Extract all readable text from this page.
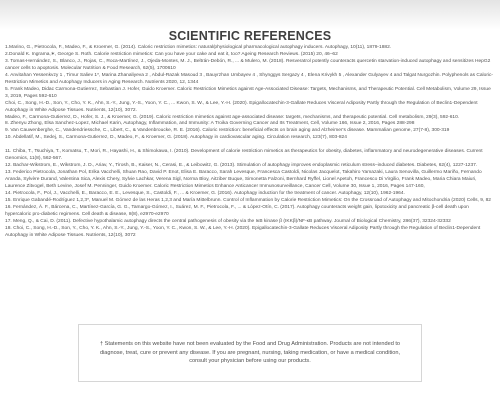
SCIENTIFIC REFERENCES

1.Marino, G., Pietrocola, F., Madeo, F., & Kroemer, G. (2014). Caloric restriction mimetics: natural/physiological pharmacological autophagy inducers. Autophagy, 10(11), 1879-1882.

2.Donald K. Ingrama,∗, George S. Roth. Calorie restriction mimetics: Can you have your cake and eat it, too? Ageing Research Reviews. (2015) 20, 46–62

3. Tomas-Hernández, S., Blanco, J., Rojas, C., Roca-Martínez, J., Ojeda-Montes, M. J., Beltrán-Debón, R., ... & Mulero, M. (2018). Resveratrol potently counteracts quercetin starvation-induced autophagy and sensitizes HepG2 cancer cells to apoptosis. Molecular Nutrition & Food Research, 62(5), 1700610

4. Anvitahan Yessenkvzy 1 , Timur Saliev 1*, Marina Zhanaliyeva 2 , Abdul-Razak Masoud 3 , Bauyrzhan Umbayev 4 , Shynggys Sergazy 4 , Elena Krivykh 5 , Alexander Gulyayev 4 and Talgat Nurgozhin. Polyphenols as Caloric-Restriction Mimetics and Autophagy Inducers in Aging Research. Nutrients 2020, 12, 1344

5. Frank Madeo, Didac Carmona-Gutierrez, Sebastian J. Hofer, Guido Kroemer. Caloric Restriction Mimetics against Age-Associated Disease: Targets, Mechanisms, and Therapeutic Potential. Cell Metabolism, Volume 29, Issue 3, 2019, Pages 592-610

Choi, C., Song, H.-D., Son, Y., Cho, Y. K., Ahn, S.-Y., Jung, Y.-S., Yoon, Y. C., ... Kwon, S. W., & Lee, Y.-H. (2020). Epigallocatechin-3-Gallate Reduces Visceral Adiposity Partly through the Regulation of Beclin1-Dependent Autophagy in White Adipose Tissues. Nutrients, 12(10), 3072.

Madeo, F., Carmona-Gutierrez, D., Hofer, S. J., & Kroemer, G. (2019). Caloric restriction mimetics against age-associated disease: targets, mechanisms, and therapeutic potential. Cell metabolism, 29(3), 592-610.

8. Zhenyu Zhong, Elsa Sanchez-Lopez, Michael Karin, Autophagy, Inflammation, and Immunity: A Troika Governing Cancer and Its Treatment, Cell, Volume 166, Issue 2, 2016, Pages 288-298

9. Van Cauwenberghe, C., Vandendriessche, C., Libert, C., & Vandenbroucke, R. E. (2016). Caloric restriction: beneficial effects on brain aging and Alzheimer's disease. Mammalian genome, 27(7-8), 300-319

10. Abdellatif, M., Sedej, S., Carmona-Gutierrez, D., Madeo, F., & Kroemer, G. (2018). Autophagy in cardiovascular aging. Circulation research, 123(7), 803-824

11. Chiba, T., Tsuchiya, T., Komatsu, T., Mori, R., Hayashi, H., & Shimokawa, I. (2010). Development of calorie restriction mimetics as therapeutics for obesity, diabetes, inflammatory and neurodegenerative diseases. Current Genomics, 11(8), 562-567.

12. Bachar-Wikstrom, E., Wikstrom, J. D., Ariav, Y., Tirosh, B., Kaiser, N., Cerasi, E., & Leibowitz, G. (2013). Stimulation of autophagy improves endoplasmic reticulum stress–induced diabetes. Diabetes, 62(4), 1227-1237.

13. Federico Pietrocola, Jonathan Pol, Erika Vacchelli, Shuan Rao, David P. Enot, Elisa E. Baracco, Sarah Levesque, Francesca Castoldi, Nicolas Jacquelot, Takahiro Yamazaki, Laura Senovilla, Guillermo Mariño, Fernando Aranda, Sylvère Durand, Valentina Sica, Alexis Chery, Sylvie Lachkar, Verena Sigl, Norma Bloy, Aitziber Buque, Simonetta Falzoni, Bernhard Ryffel, Lionel Apetoh, Francesco Di Virgilio, Frank Madeo, Maria Chiara Maiuri, Laurence Zitvogel, Beth Levine, Josef M. Penninger, Guido Kroemer. Caloric Restriction Mimetics Enhance Anticancer Immunosurveillance, Cancer Cell, Volume 30, Issue 1, 2016, Pages 147-160,

14. Pietrocola, F., Pol, J., Vacchelli, E., Baracco, E. E., Levesque, S., Castoldi, F., ... & Kroemer, G. (2016). Autophagy induction for the treatment of cancer. Autophagy, 12(10), 1962-1964.

15. Enrique Gabandé-Rodríguez 1,2,3*, Manuel M. Gómez de las Heras 1,2,3 and María Mittelbrunn. Control of Inflammation by Calorie Restriction Mimetics: On the Crossroad of Autophagy and Mitochondria (2020) Cells, 9, 82

16. Fernández, Á. F., Bárcena, C., Martínez-García, G. G., Tamargo-Gómez, I., Suárez, M. F., Pietrocola, F., ... & López-Otín, C. (2017). Autophagy counteracts weight gain, lipotoxicity and pancreatic β-cell death upon hypercaloric pro-diabetic regimens. Cell death & disease, 8(8), e2970-e2970

17. Meng, Q., & Cai, D. (2011). Defective hypothalamic autophagy directs the central pathogenesis of obesity via the IκB kinase β (IKKβ)/NF-κB pathway. Journal of Biological Chemistry, 286(37), 32324-32332

18. Choi, C., Song, H.-D., Son, Y., Cho, Y. K., Ahn, S.-Y., Jung, Y.-S., Yoon, Y. C., Kwon, S. W., & Lee, Y.-H. (2020). Epigallocatechin-3-Gallate Reduces Visceral Adiposity Partly through the Regulation of Beclin1-Dependent Autophagy in White Adipose Tissues. Nutrients, 12(10), 3072

† Statements on this website have not been evaluated by the Food and Drug Administration. Products are not intended to diagnose, treat, cure or prevent any disease. If you are pregnant, nursing, taking medication, or have a medical condition, consult your physician before using our products.
